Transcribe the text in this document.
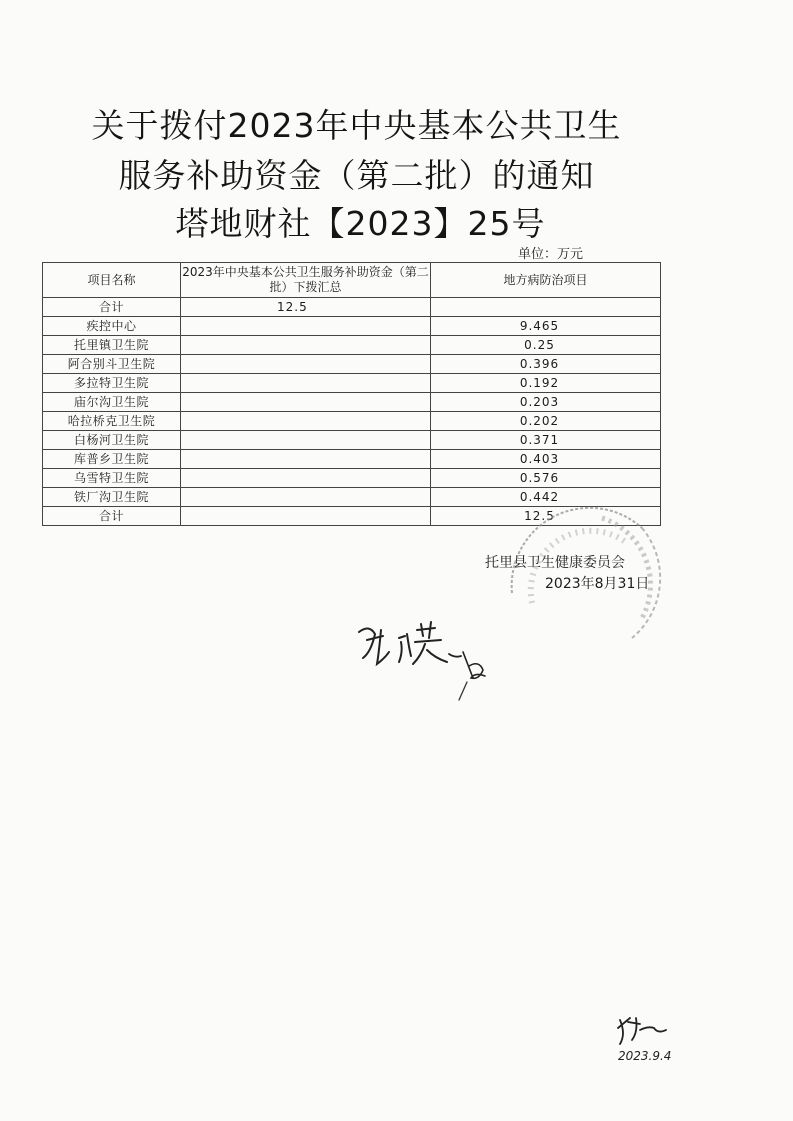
关于拨付2023年中央基本公共卫生
服务补助资金（第二批）的通知
塔地财社【2023】25号
单位：万元
项目名称	2023年中央基本公共卫生服务补助资金（第二批）下拨汇总	地方病防治项目
合计	12.5	
疾控中心		9.465
托里镇卫生院		0.25
阿合别斗卫生院		0.396
多拉特卫生院		0.192
庙尔沟卫生院		0.203
哈拉桥克卫生院		0.202
白杨河卫生院		0.371
库普乡卫生院		0.403
乌雪特卫生院		0.576
铁厂沟卫生院		0.442
合计		12.5
托里县卫生健康委员会
2023年8月31日
31/8
2023.9.4
